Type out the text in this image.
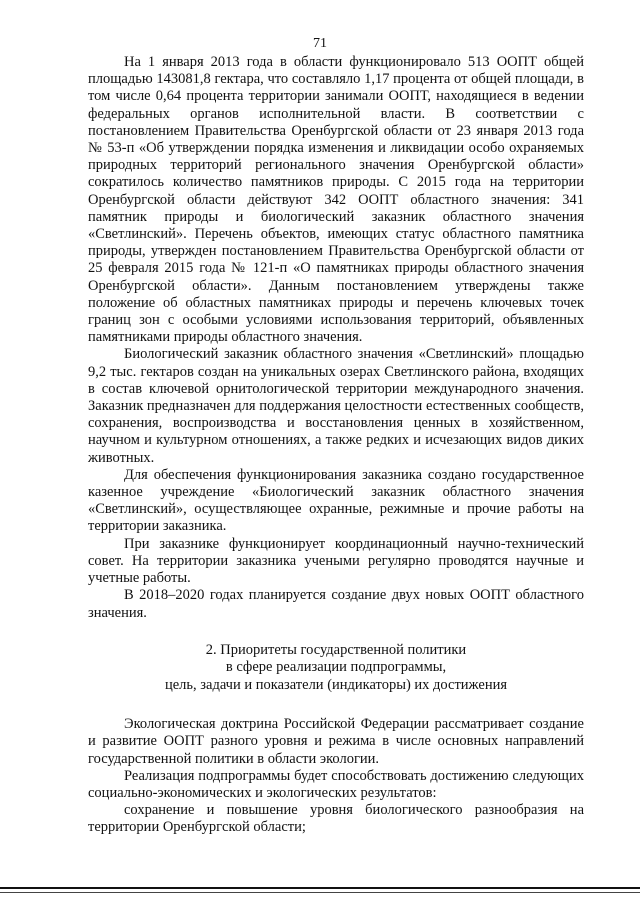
71

На 1 января 2013 года в области функционировало 513 ООПТ общей площадью 143081,8 гектара, что составляло 1,17 процента от общей площади, в том числе 0,64 процента территории занимали ООПТ, находящиеся в ведении федеральных органов исполнительной власти. В соответствии с постановлением Правительства Оренбургской области от 23 января 2013 года № 53-п «Об утверждении порядка изменения и ликвидации особо охраняемых природных территорий регионального значения Оренбургской области» сократилось количество памятников природы. С 2015 года на территории Оренбургской области действуют 342 ООПТ областного значения: 341 памятник природы и биологический заказник областного значения «Светлинский». Перечень объектов, имеющих статус областного памятника природы, утвержден постановлением Правительства Оренбургской области от 25 февраля 2015 года № 121-п «О памятниках природы областного значения Оренбургской области». Данным постановлением утверждены также положение об областных памятниках природы и перечень ключевых точек границ зон с особыми условиями использования территорий, объявленных памятниками природы областного значения.

Биологический заказник областного значения «Светлинский» площадью 9,2 тыс. гектаров создан на уникальных озерах Светлинского района, входящих в состав ключевой орнитологической территории международного значения. Заказник предназначен для поддержания целостности естественных сообществ, сохранения, воспроизводства и восстановления ценных в хозяйственном, научном и культурном отношениях, а также редких и исчезающих видов диких животных.

Для обеспечения функционирования заказника создано государственное казенное учреждение «Биологический заказник областного значения «Светлинский», осуществляющее охранные, режимные и прочие работы на территории заказника.

При заказнике функционирует координационный научно-технический совет. На территории заказника учеными регулярно проводятся научные и учетные работы.

В 2018–2020 годах планируется создание двух новых ООПТ областного значения.

2. Приоритеты государственной политики
в сфере реализации подпрограммы,
цель, задачи и показатели (индикаторы) их достижения

Экологическая доктрина Российской Федерации рассматривает создание и развитие ООПТ разного уровня и режима в числе основных направлений государственной политики в области экологии.

Реализация подпрограммы будет способствовать достижению следующих социально-экономических и экологических результатов:

сохранение и повышение уровня биологического разнообразия на территории Оренбургской области;
